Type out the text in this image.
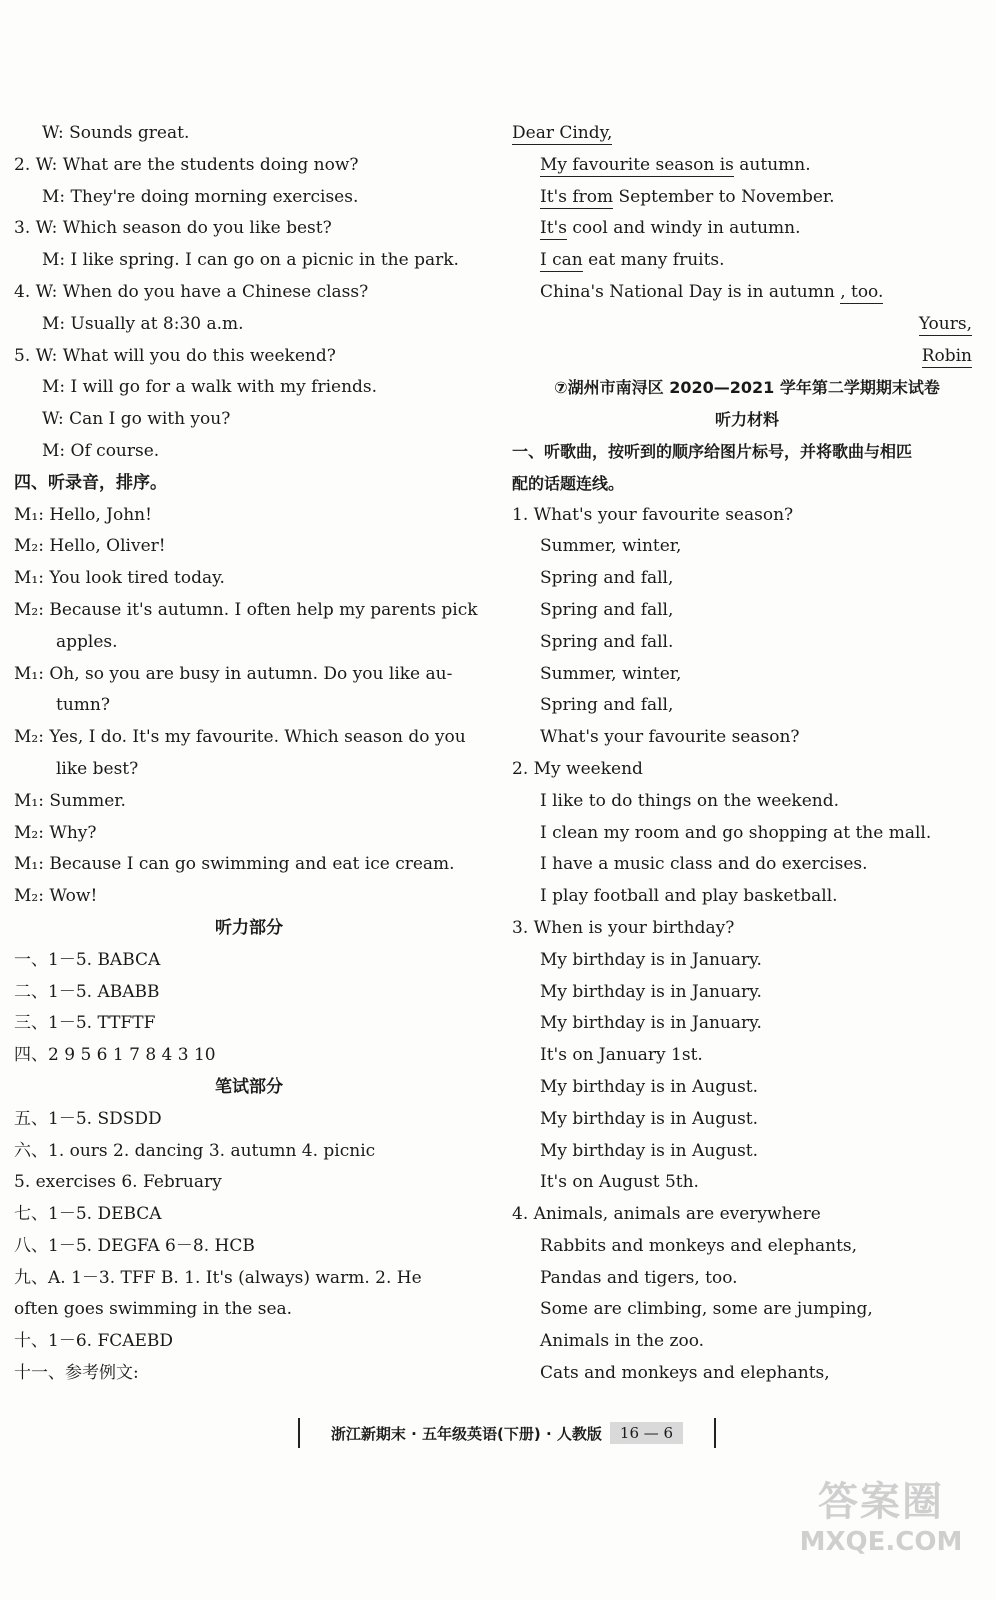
W: Sounds great.
2. W: What are the students doing now?
M: They're doing morning exercises.
3. W: Which season do you like best?
M: I like spring. I can go on a picnic in the park.
4. W: When do you have a Chinese class?
M: Usually at 8:30 a.m.
5. W: What will you do this weekend?
M: I will go for a walk with my friends.
W: Can I go with you?
M: Of course.
四、听录音，排序。
M₁: Hello, John!
M₂: Hello, Oliver!
M₁: You look tired today.
M₂: Because it's autumn. I often help my parents pick
apples.
M₁: Oh, so you are busy in autumn. Do you like au-
tumn?
M₂: Yes, I do. It's my favourite. Which season do you
like best?
M₁: Summer.
M₂: Why?
M₁: Because I can go swimming and eat ice cream.
M₂: Wow!
听力部分
一、1－5. BABCA
二、1－5. ABABB
三、1－5. TTFTF
四、2 9 5 6 1 7 8 4 3 10
笔试部分
五、1－5. SDSDD
六、1. ours 2. dancing 3. autumn 4. picnic
5. exercises 6. February
七、1－5. DEBCA
八、1－5. DEGFA 6－8. HCB
九、A. 1－3. TFF B. 1. It's (always) warm. 2. He
often goes swimming in the sea.
十、1－6. FCAEBD
十一、参考例文:
Dear Cindy,
My favourite season is autumn.
It's from September to November.
It's cool and windy in autumn.
I can eat many fruits.
China's National Day is in autumn , too.
Yours,
Robin
⑦湖州市南浔区 2020—2021 学年第二学期期末试卷
听力材料
一、听歌曲，按听到的顺序给图片标号，并将歌曲与相匹
配的话题连线。
1. What's your favourite season?
Summer, winter,
Spring and fall,
Spring and fall,
Spring and fall.
Summer, winter,
Spring and fall,
What's your favourite season?
2. My weekend
I like to do things on the weekend.
I clean my room and go shopping at the mall.
I have a music class and do exercises.
I play football and play basketball.
3. When is your birthday?
My birthday is in January.
My birthday is in January.
My birthday is in January.
It's on January 1st.
My birthday is in August.
My birthday is in August.
My birthday is in August.
It's on August 5th.
4. Animals, animals are everywhere
Rabbits and monkeys and elephants,
Pandas and tigers, too.
Some are climbing, some are jumping,
Animals in the zoo.
Cats and monkeys and elephants,
浙江新期末 · 五年级英语(下册) · 人教版	16 — 6
答案圈
MXQE.COM
